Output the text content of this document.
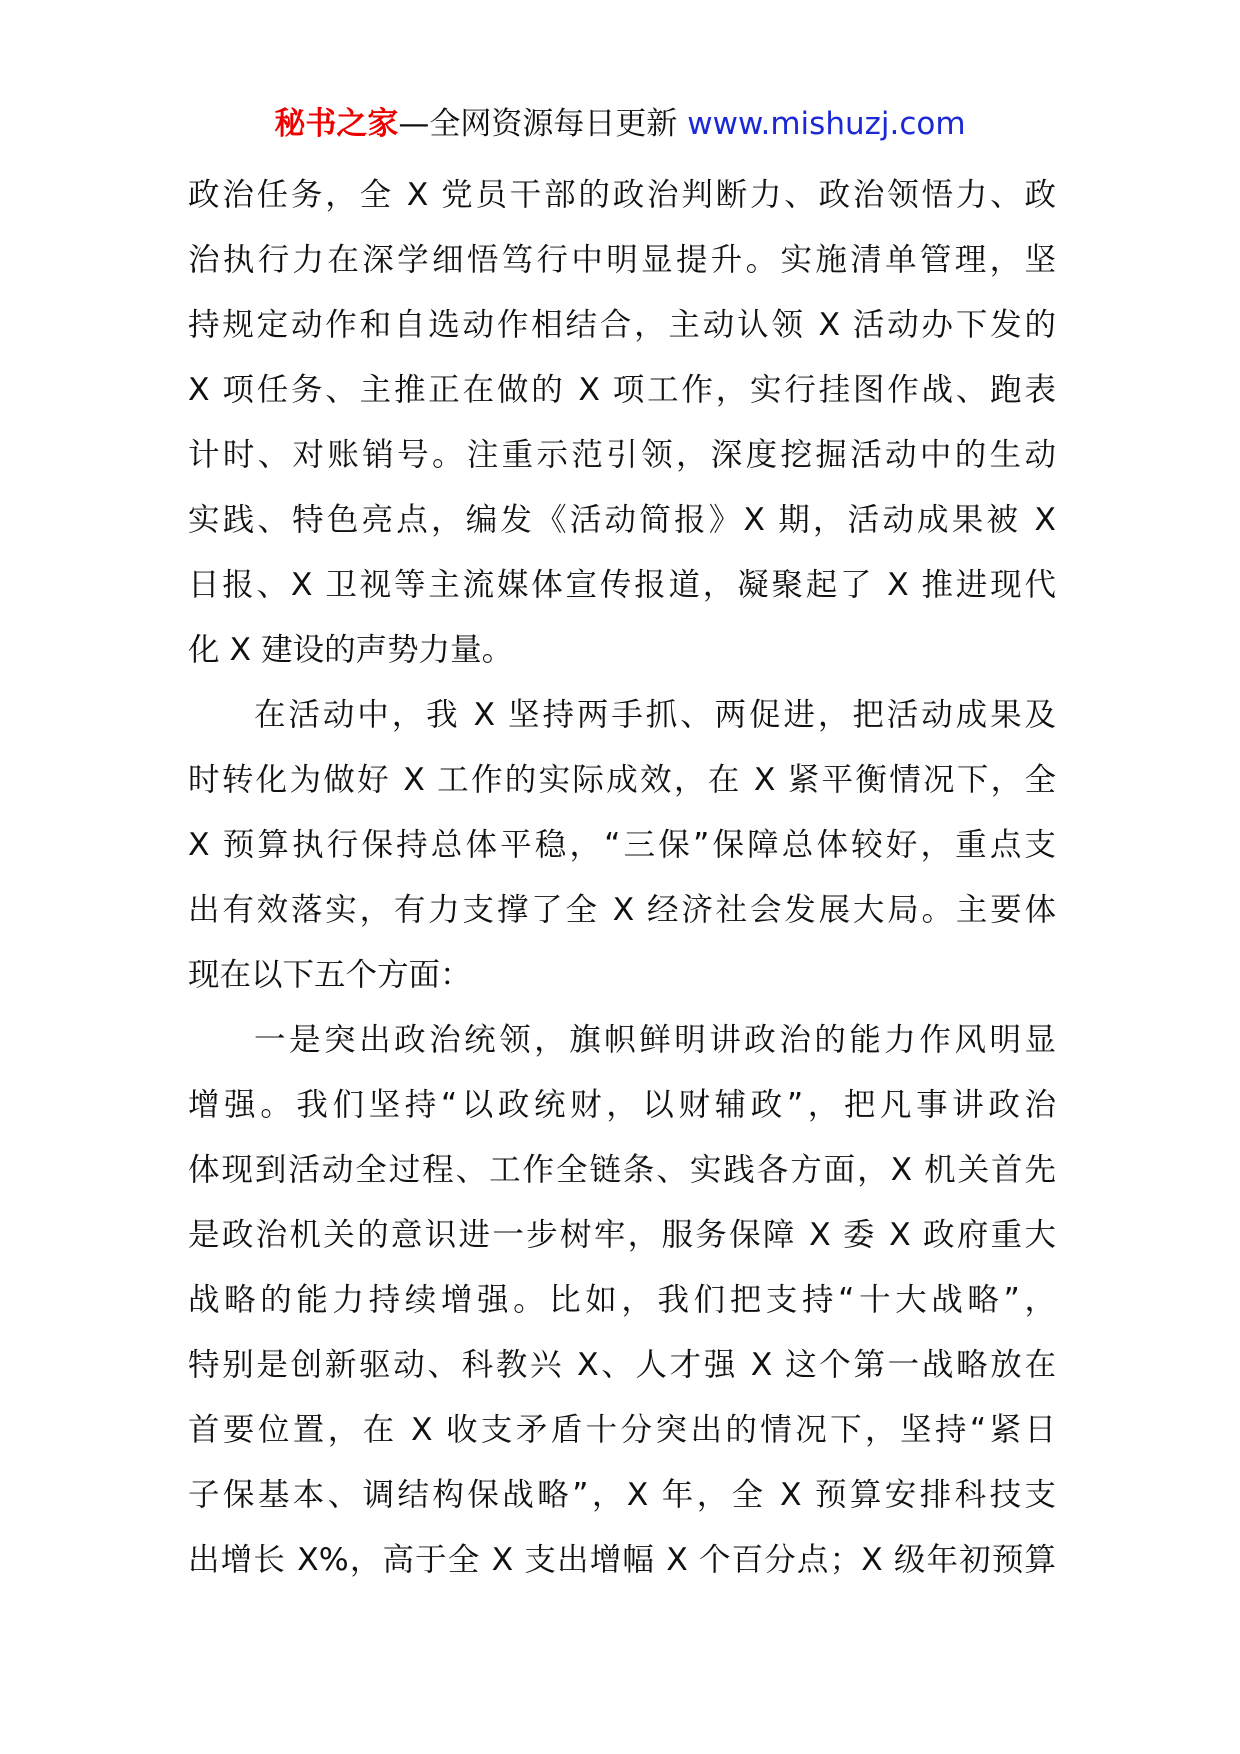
秘书之家—全网资源每日更新 www.mishuzj.com
政治任务，全 X 党员干部的政治判断力、政治领悟力、政
治执行力在深学细悟笃行中明显提升。实施清单管理，坚
持规定动作和自选动作相结合，主动认领 X 活动办下发的
X 项任务、主推正在做的 X 项工作，实行挂图作战、跑表
计时、对账销号。注重示范引领，深度挖掘活动中的生动
实践、特色亮点，编发《活动简报》X 期，活动成果被 X
日报、X 卫视等主流媒体宣传报道，凝聚起了 X 推进现代
化 X 建设的声势力量。
在活动中，我 X 坚持两手抓、两促进，把活动成果及
时转化为做好 X 工作的实际成效，在 X 紧平衡情况下，全
X 预算执行保持总体平稳，“三保”保障总体较好，重点支
出有效落实，有力支撑了全 X 经济社会发展大局。主要体
现在以下五个方面：
一是突出政治统领，旗帜鲜明讲政治的能力作风明显
增强。我们坚持“以政统财，以财辅政”，把凡事讲政治
体现到活动全过程、工作全链条、实践各方面，X 机关首先
是政治机关的意识进一步树牢，服务保障 X 委 X 政府重大
战略的能力持续增强。比如，我们把支持“十大战略”，
特别是创新驱动、科教兴 X、人才强 X 这个第一战略放在
首要位置，在 X 收支矛盾十分突出的情况下，坚持“紧日
子保基本、调结构保战略”，X 年，全 X 预算安排科技支
出增长 X%，高于全 X 支出增幅 X 个百分点；X 级年初预算
